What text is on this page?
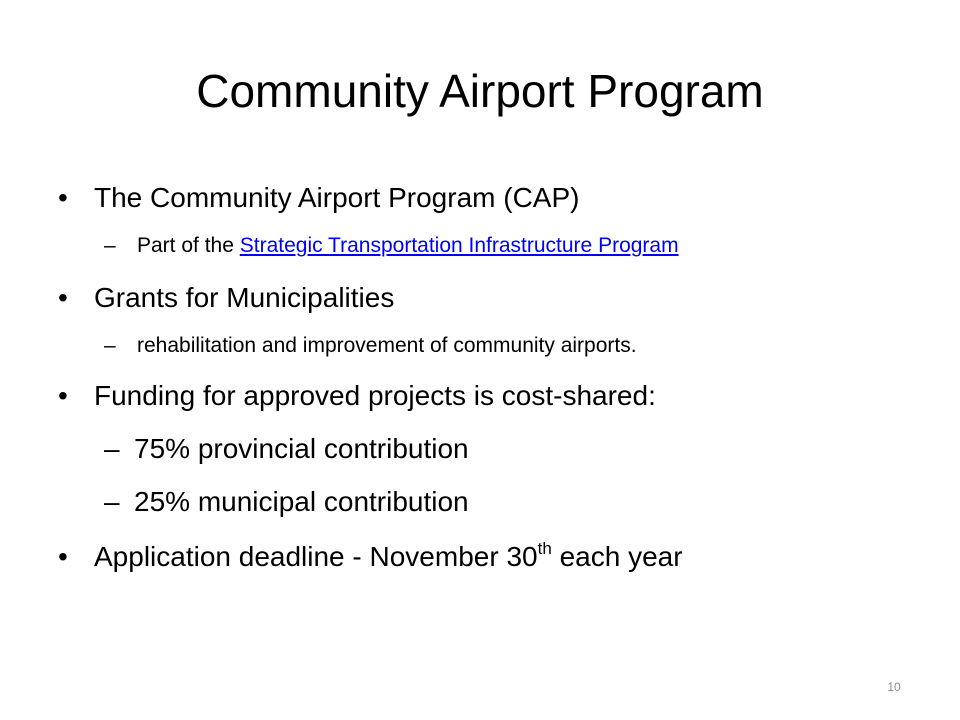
Community Airport Program
• The Community Airport Program (CAP)
– Part of the Strategic Transportation Infrastructure Program
• Grants for Municipalities
– rehabilitation and improvement of community airports.
• Funding for approved projects is cost-shared:
– 75% provincial contribution
– 25% municipal contribution
• Application deadline - November 30th each year
10
